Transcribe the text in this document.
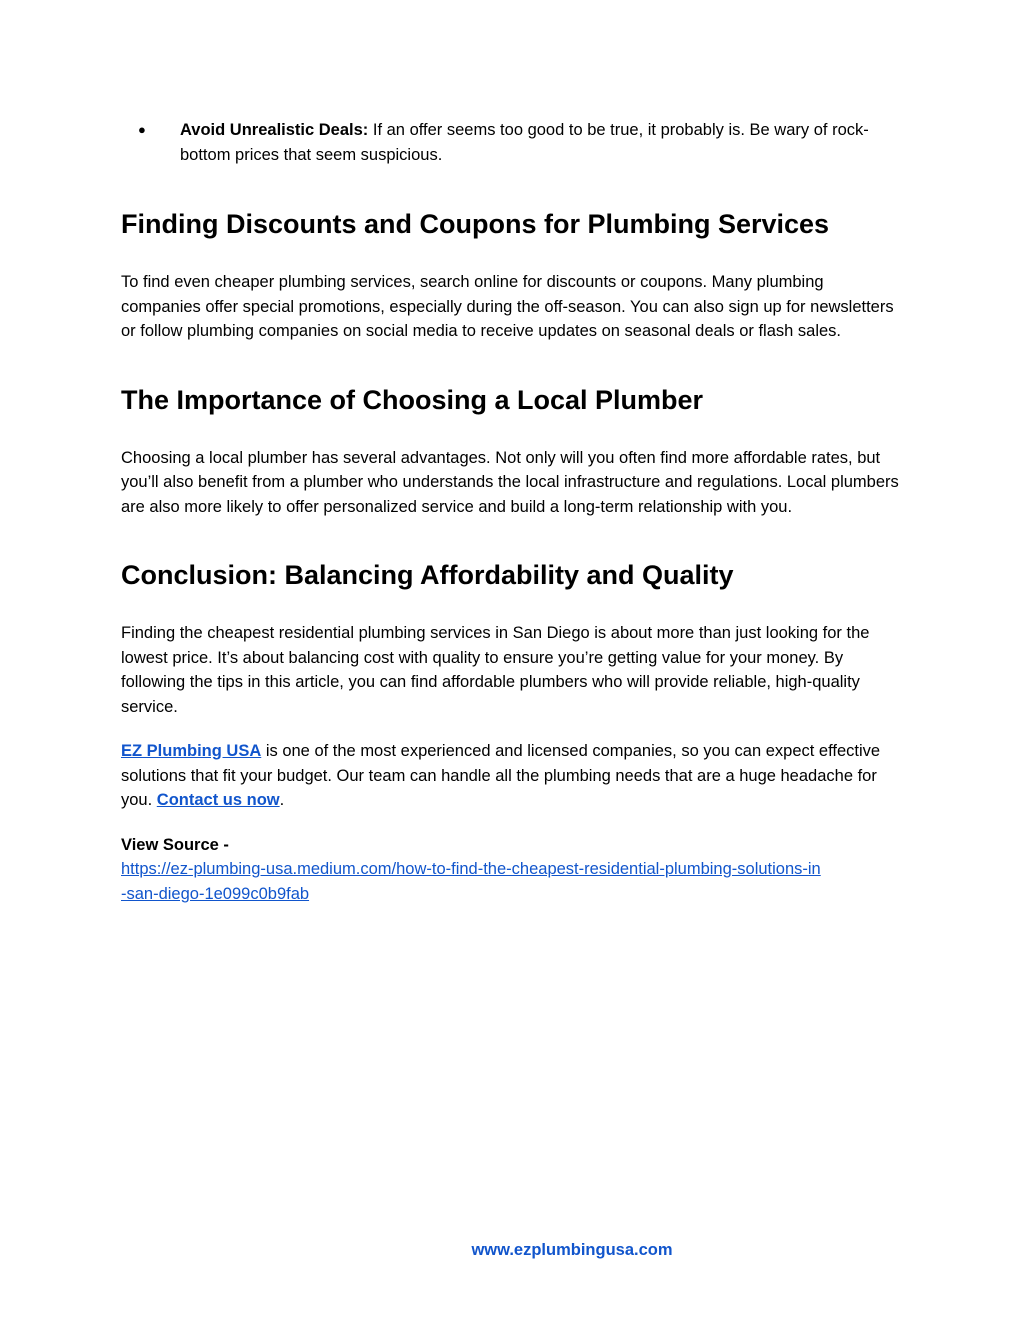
● Avoid Unrealistic Deals: If an offer seems too good to be true, it probably is. Be wary of rock-bottom prices that seem suspicious.
Finding Discounts and Coupons for Plumbing Services

To find even cheaper plumbing services, search online for discounts or coupons. Many plumbing companies offer special promotions, especially during the off-season. You can also sign up for newsletters or follow plumbing companies on social media to receive updates on seasonal deals or flash sales.

The Importance of Choosing a Local Plumber

Choosing a local plumber has several advantages. Not only will you often find more affordable rates, but you’ll also benefit from a plumber who understands the local infrastructure and regulations. Local plumbers are also more likely to offer personalized service and build a long-term relationship with you.

Conclusion: Balancing Affordability and Quality

Finding the cheapest residential plumbing services in San Diego is about more than just looking for the lowest price. It’s about balancing cost with quality to ensure you’re getting value for your money. By following the tips in this article, you can find affordable plumbers who will provide reliable, high-quality service.

EZ Plumbing USA is one of the most experienced and licensed companies, so you can expect effective solutions that fit your budget. Our team can handle all the plumbing needs that are a huge headache for you. Contact us now.

View Source -
https://ez-plumbing-usa.medium.com/how-to-find-the-cheapest-residential-plumbing-solutions-in
-san-diego-1e099c0b9fab

www.ezplumbingusa.com
